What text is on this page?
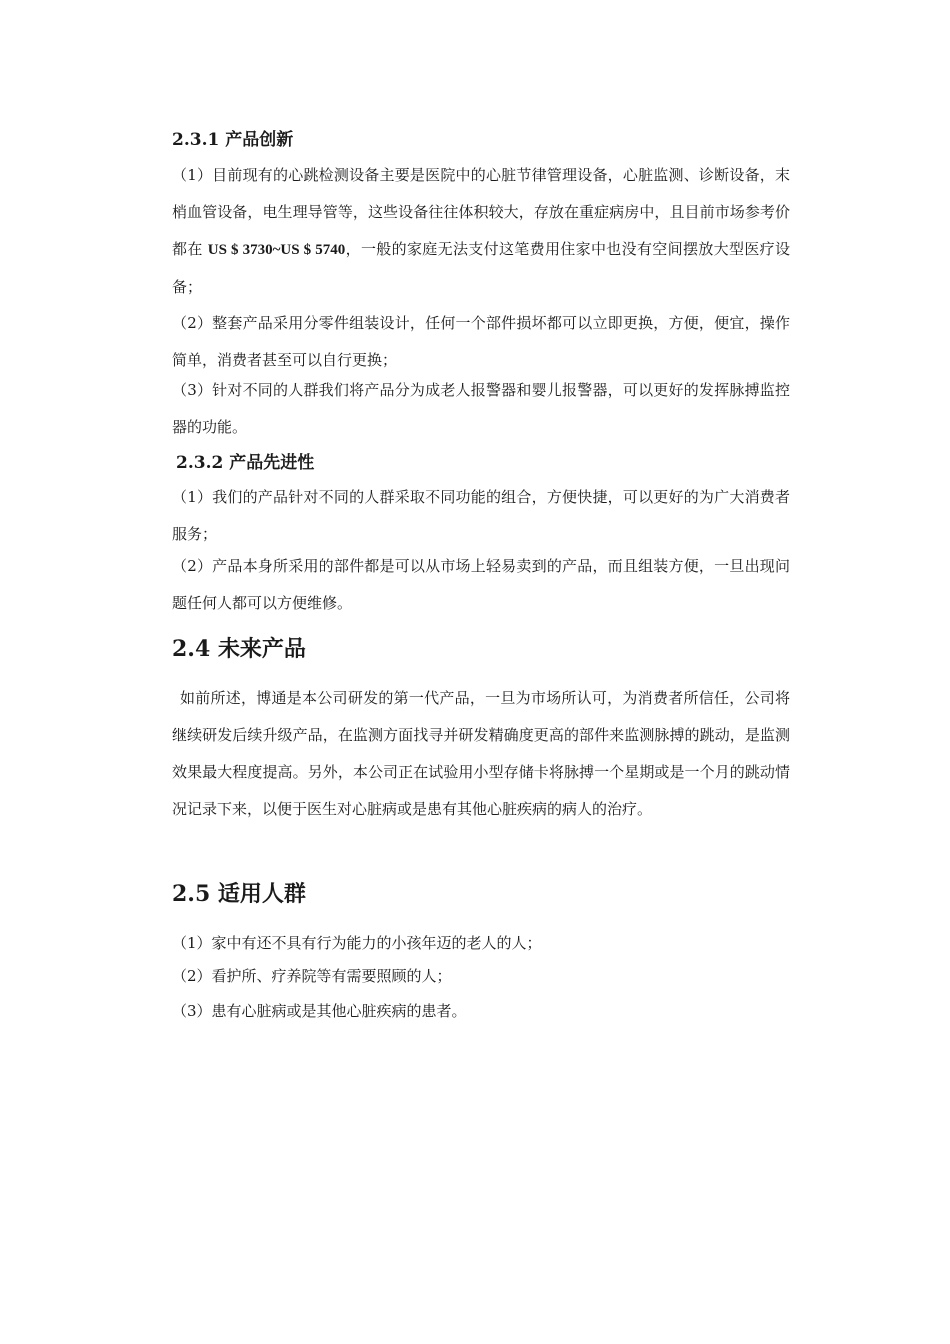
2.3.1 产品创新

（1）目前现有的心跳检测设备主要是医院中的心脏节律管理设备，心脏监测、诊断设备，末梢血管设备，电生理导管等，这些设备往往体积较大，存放在重症病房中，且目前市场参考价都在 US $ 3730~US $ 5740，一般的家庭无法支付这笔费用住家中也没有空间摆放大型医疗设备；

（2）整套产品采用分零件组装设计，任何一个部件损坏都可以立即更换，方便，便宜，操作简单，消费者甚至可以自行更换；

（3）针对不同的人群我们将产品分为成老人报警器和婴儿报警器，可以更好的发挥脉搏监控器的功能。

2.3.2 产品先进性

（1）我们的产品针对不同的人群采取不同功能的组合，方便快捷，可以更好的为广大消费者服务；

（2）产品本身所采用的部件都是可以从市场上轻易卖到的产品，而且组装方便，一旦出现问题任何人都可以方便维修。

2.4 未来产品

如前所述，博通是本公司研发的第一代产品，一旦为市场所认可，为消费者所信任，公司将继续研发后续升级产品，在监测方面找寻并研发精确度更高的部件来监测脉搏的跳动，是监测效果最大程度提高。另外，本公司正在试验用小型存储卡将脉搏一个星期或是一个月的跳动情况记录下来，以便于医生对心脏病或是患有其他心脏疾病的病人的治疗。

2.5 适用人群
（1）家中有还不具有行为能力的小孩年迈的老人的人；
（2）看护所、疗养院等有需要照顾的人；
（3）患有心脏病或是其他心脏疾病的患者。
